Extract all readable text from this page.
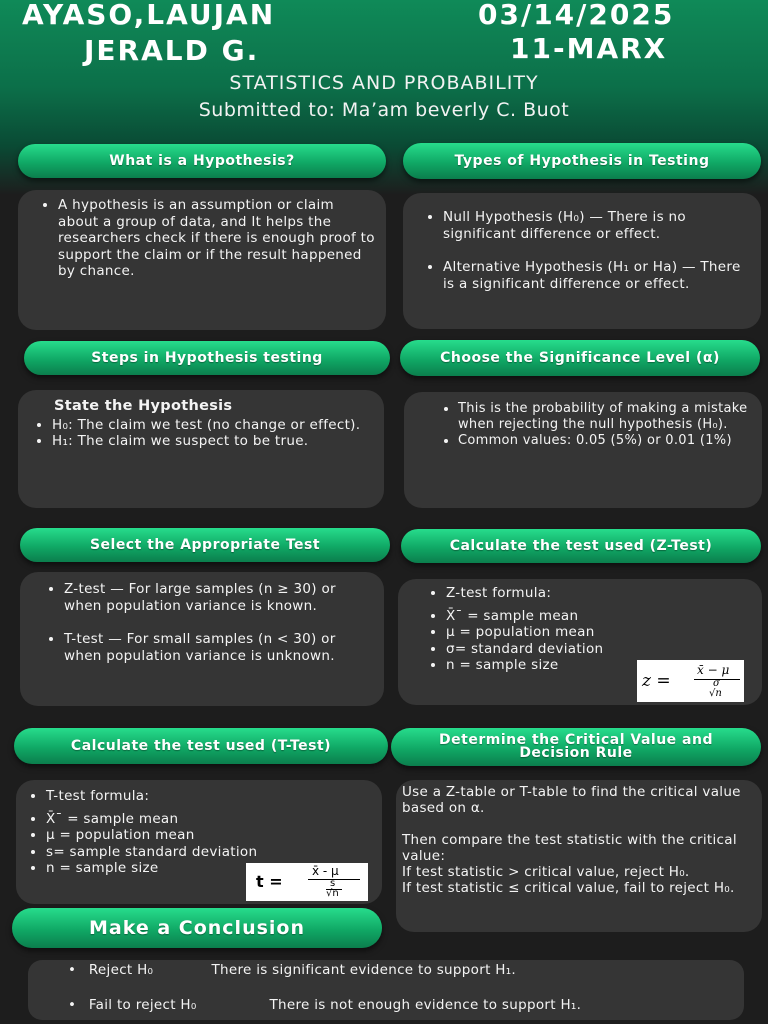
AYASO,LAUJAN
JERALD G.
03/14/2025
11-MARX
STATISTICS AND PROBABILITY
Submitted to: Ma’am beverly C. Buot
What is a Hypothesis?	Types of Hypothesis in Testing
• A hypothesis is an assumption or claim about a group of data, and It helps the researchers check if there is enough proof to support the claim or if the result happened by chance.
• Null Hypothesis (H₀) — There is no significant difference or effect.
• Alternative Hypothesis (H₁ or Ha) — There is a significant difference or effect.
Steps in Hypothesis testing	Choose the Significance Level (α)
State the Hypothesis
• H₀: The claim we test (no change or effect).
• H₁: The claim we suspect to be true.
• This is the probability of making a mistake when rejecting the null hypothesis (H₀).
• Common values: 0.05 (5%) or 0.01 (1%)
Select the Appropriate Test	Calculate the test used (Z-Test)
• Z-test — For large samples (n ≥ 30) or when population variance is known.
• T-test — For small samples (n < 30) or when population variance is unknown.
• Z-test formula:
• X̄¯ = sample mean
• μ = population mean
• σ= standard deviation
• n = sample size
z =
x̄ − μ
σ
√n
Calculate the test used (T-Test)	Determine the Critical Value and Decision Rule
• T-test formula:
• X̄¯ = sample mean
• μ = population mean
• s= sample standard deviation
• n = sample size
t =
x̄ - μ
s
√n
Use a Z-table or T-table to find the critical value based on α.
Then compare the test statistic with the critical value:
If test statistic > critical value, reject H₀.
If test statistic ≤ critical value, fail to reject H₀.
Make a Conclusion
• Reject H₀	There is significant evidence to support H₁.
• Fail to reject H₀	There is not enough evidence to support H₁.
